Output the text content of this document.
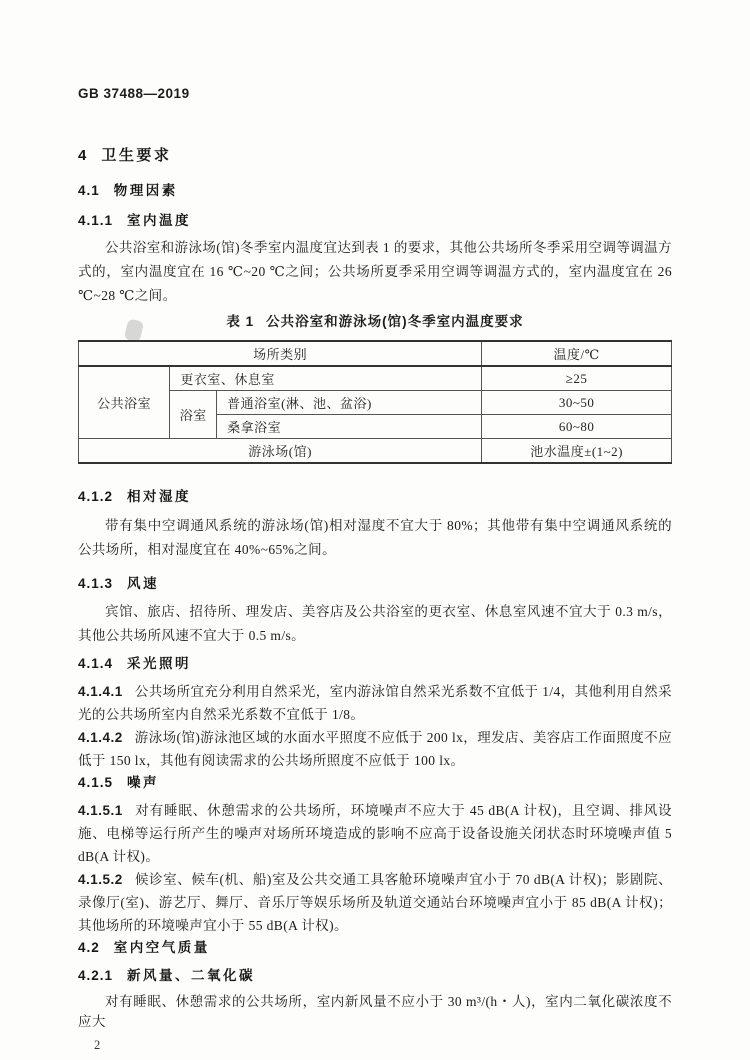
GB 37488—2019
4 卫生要求
4.1 物理因素
4.1.1 室内温度

公共浴室和游泳场(馆)冬季室内温度宜达到表 1 的要求，其他公共场所冬季采用空调等调温方式的，室内温度宜在 16 ℃~20 ℃之间；公共场所夏季采用空调等调温方式的，室内温度宜在 26 ℃~28 ℃之间。

表 1 公共浴室和游泳场(馆)冬季室内温度要求
场所类别			温度/℃
公共浴室	更衣室、休息室		≥25
	浴室	普通浴室(淋、池、盆浴)	30~50
		桑拿浴室	60~80
游泳场(馆)			池水温度±(1~2)
4.1.2 相对湿度

带有集中空调通风系统的游泳场(馆)相对湿度不宜大于 80%；其他带有集中空调通风系统的公共场所，相对湿度宜在 40%~65%之间。

4.1.3 风速

宾馆、旅店、招待所、理发店、美容店及公共浴室的更衣室、休息室风速不宜大于 0.3 m/s，其他公共场所风速不宜大于 0.5 m/s。

4.1.4 采光照明

4.1.4.1 公共场所宜充分利用自然采光，室内游泳馆自然采光系数不宜低于 1/4，其他利用自然采光的公共场所室内自然采光系数不宜低于 1/8。

4.1.4.2 游泳场(馆)游泳池区域的水面水平照度不应低于 200 lx，理发店、美容店工作面照度不应低于 150 lx，其他有阅读需求的公共场所照度不应低于 100 lx。

4.1.5 噪声

4.1.5.1 对有睡眠、休憩需求的公共场所，环境噪声不应大于 45 dB(A 计权)，且空调、排风设施、电梯等运行所产生的噪声对场所环境造成的影响不应高于设备设施关闭状态时环境噪声值 5 dB(A 计权)。

4.1.5.2 候诊室、候车(机、船)室及公共交通工具客舱环境噪声宜小于 70 dB(A 计权)；影剧院、录像厅(室)、游艺厅、舞厅、音乐厅等娱乐场所及轨道交通站台环境噪声宜小于 85 dB(A 计权)；其他场所的环境噪声宜小于 55 dB(A 计权)。

4.2 室内空气质量
4.2.1 新风量、二氧化碳

对有睡眠、休憩需求的公共场所，室内新风量不应小于 30 m³/(h・人)，室内二氧化碳浓度不应大

2
